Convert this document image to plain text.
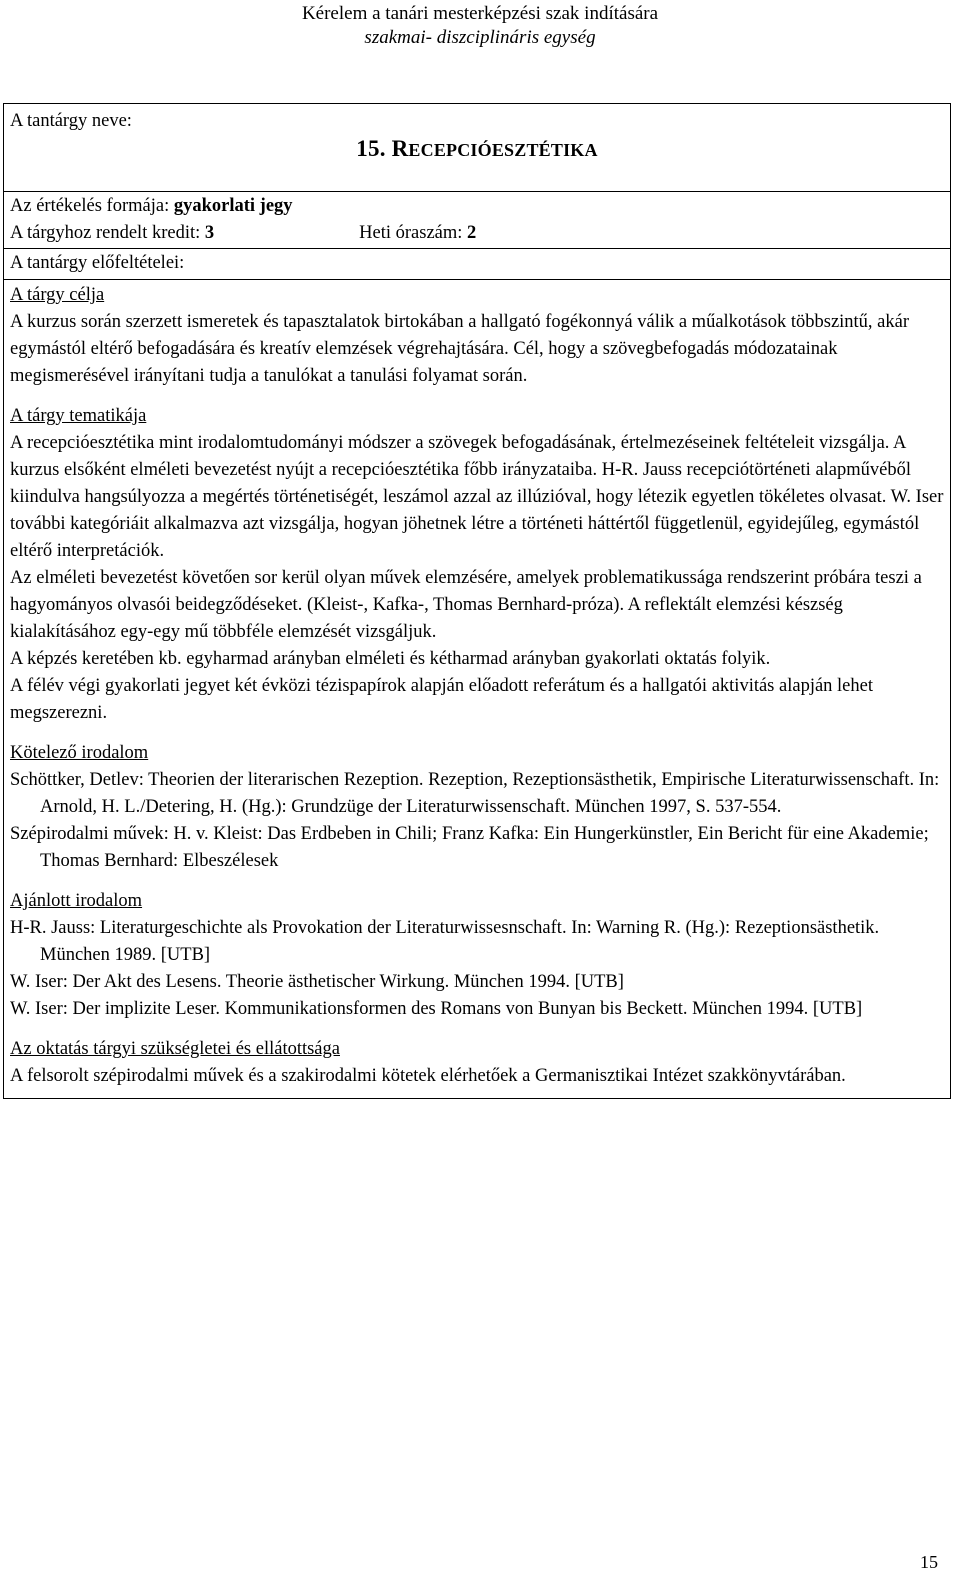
Kérelem a tanári mesterképzési szak indítására
szakmai- diszciplináris egység
A tantárgy neve:
15. RECEPCIÓESZTÉTIKA
Az értékelés formája: gyakorlati jegy
A tárgyhoz rendelt kredit: 3	Heti óraszám: 2
A tantárgy előfeltételei:
A tárgy célja

A kurzus során szerzett ismeretek és tapasztalatok birtokában a hallgató fogékonnyá válik a műalkotások többszintű, akár egymástól eltérő befogadására és kreatív elemzések végrehajtására. Cél, hogy a szövegbefogadás módozatainak megismerésével irányítani tudja a tanulókat a tanulási folyamat során.

A tárgy tematikája

A recepcióesztétika mint irodalomtudományi módszer a szövegek befogadásának, értelmezéseinek feltételeit vizsgálja. A kurzus elsőként elméleti bevezetést nyújt a recepcióesztétika főbb irányzataiba. H-R. Jauss recepciótörténeti alapművéből kiindulva hangsúlyozza a megértés történetiségét, leszámol azzal az illúzióval, hogy létezik egyetlen tökéletes olvasat. W. Iser további kategóriáit alkalmazva azt vizsgálja, hogyan jöhetnek létre a történeti háttértől függetlenül, egyidejűleg, egymástól eltérő interpretációk.

Az elméleti bevezetést követően sor kerül olyan művek elemzésére, amelyek problematikussága rendszerint próbára teszi a hagyományos olvasói beidegződéseket. (Kleist-, Kafka-, Thomas Bernhard-próza). A reflektált elemzési készség kialakításához egy-egy mű többféle elemzését vizsgáljuk.

A képzés keretében kb. egyharmad arányban elméleti és kétharmad arányban gyakorlati oktatás folyik.

A félév végi gyakorlati jegyet két évközi tézispapírok alapján előadott referátum és a hallgatói aktivitás alapján lehet megszerezni.

Kötelező irodalom

Schöttker, Detlev: Theorien der literarischen Rezeption. Rezeption, Rezeptionsästhetik, Empirische Literaturwissenschaft. In: Arnold, H. L./Detering, H. (Hg.): Grundzüge der Literaturwissenschaft. München 1997, S. 537-554.

Szépirodalmi művek: H. v. Kleist: Das Erdbeben in Chili; Franz Kafka: Ein Hungerkünstler, Ein Bericht für eine Akademie; Thomas Bernhard: Elbeszélesek

Ajánlott irodalom

H-R. Jauss: Literaturgeschichte als Provokation der Literaturwissesnschaft. In: Warning R. (Hg.): Rezeptionsästhetik. München 1989. [UTB]

W. Iser: Der Akt des Lesens. Theorie ästhetischer Wirkung. München 1994. [UTB]

W. Iser: Der implizite Leser. Kommunikationsformen des Romans von Bunyan bis Beckett. München 1994. [UTB]

Az oktatás tárgyi szükségletei és ellátottsága

A felsorolt szépirodalmi művek és a szakirodalmi kötetek elérhetőek a Germanisztikai Intézet szakkönyvtárában.

15
